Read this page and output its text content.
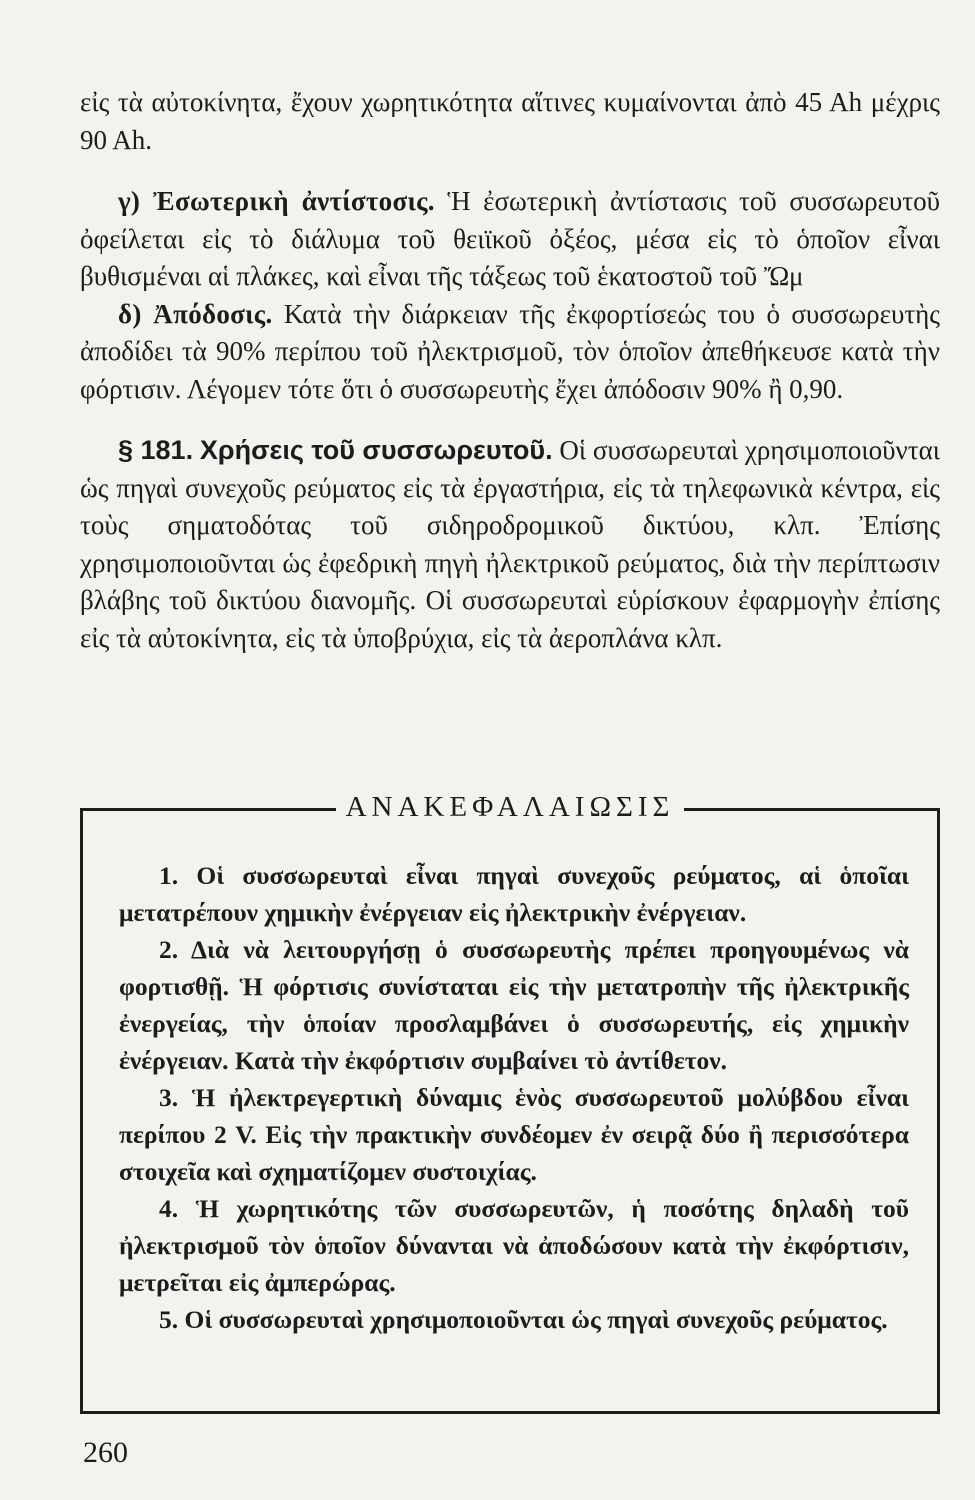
εἰς τὰ αὐτοκίνητα, ἔχουν χωρητικότητα αἵτινες κυμαίνονται ἀπὸ 45 Αh μέχρις 90 Αh.

γ) Ἐσωτερικὴ ἀντίστοσις. Ἡ ἐσωτερικὴ ἀντίστασις τοῦ συσσωρευτοῦ ὀφείλεται εἰς τὸ διάλυμα τοῦ θειϊκοῦ ὀξέος, μέσα εἰς τὸ ὁποῖον εἶναι βυθισμέναι αἱ πλάκες, καὶ εἶναι τῆς τάξεως τοῦ ἑκατοστοῦ τοῦ Ὤμ

δ) Ἀπόδοσις. Κατὰ τὴν διάρκειαν τῆς ἐκφορτίσεώς του ὁ συσσωρευτὴς ἀποδίδει τὰ 90% περίπου τοῦ ἠλεκτρισμοῦ, τὸν ὁποῖον ἀπεθήκευσε κατὰ τὴν φόρτισιν. Λέγομεν τότε ὅτι ὁ συσσωρευτὴς ἔχει ἀπόδοσιν 90% ἢ 0,90.

§ 181. Χρήσεις τοῦ συσσωρευτοῦ. Οἱ συσσωρευταὶ χρησιμοποιοῦνται ὡς πηγαὶ συνεχοῦς ρεύματος εἰς τὰ ἐργαστήρια, εἰς τὰ τηλεφωνικὰ κέντρα, εἰς τοὺς σηματοδότας τοῦ σιδηροδρομικοῦ δικτύου, κλπ. Ἐπίσης χρησιμοποιοῦνται ὡς ἐφεδρικὴ πηγὴ ἠλεκτρικοῦ ρεύματος, διὰ τὴν περίπτωσιν βλάβης τοῦ δικτύου διανομῆς. Οἱ συσσωρευταὶ εὑρίσκουν ἐφαρμογὴν ἐπίσης εἰς τὰ αὐτοκίνητα, εἰς τὰ ὑποβρύχια, εἰς τὰ ἀεροπλάνα κλπ.

ΑΝΑΚΕΦΑΛΑΙΩΣΙΣ

1. Οἱ συσσωρευταὶ εἶναι πηγαὶ συνεχοῦς ρεύματος, αἱ ὁποῖαι μετατρέπουν χημικὴν ἐνέργειαν εἰς ἠλεκτρικὴν ἐνέργειαν.

2. Διὰ νὰ λειτουργήσῃ ὁ συσσωρευτὴς πρέπει προηγουμένως νὰ φορτισθῇ. Ἡ φόρτισις συνίσταται εἰς τὴν μετατροπὴν τῆς ἠλεκτρικῆς ἐνεργείας, τὴν ὁποίαν προσλαμβάνει ὁ συσσωρευτής, εἰς χημικὴν ἐνέργειαν. Κατὰ τὴν ἐκφόρτισιν συμβαίνει τὸ ἀντίθετον.

3. Ἡ ἠλεκτρεγερτικὴ δύναμις ἑνὸς συσσωρευτοῦ μολύβδου εἶναι περίπου 2 V. Εἰς τὴν πρακτικὴν συνδέομεν ἐν σειρᾷ δύο ἢ περισσότερα στοιχεῖα καὶ σχηματίζομεν συστοιχίας.

4. Ἡ χωρητικότης τῶν συσσωρευτῶν, ἡ ποσότης δηλαδὴ τοῦ ἠλεκτρισμοῦ τὸν ὁποῖον δύνανται νὰ ἀποδώσουν κατὰ τὴν ἐκφόρτισιν, μετρεῖται εἰς ἀμπερώρας.

5. Οἱ συσσωρευταὶ χρησιμοποιοῦνται ὡς πηγαὶ συνεχοῦς ρεύματος.

260
